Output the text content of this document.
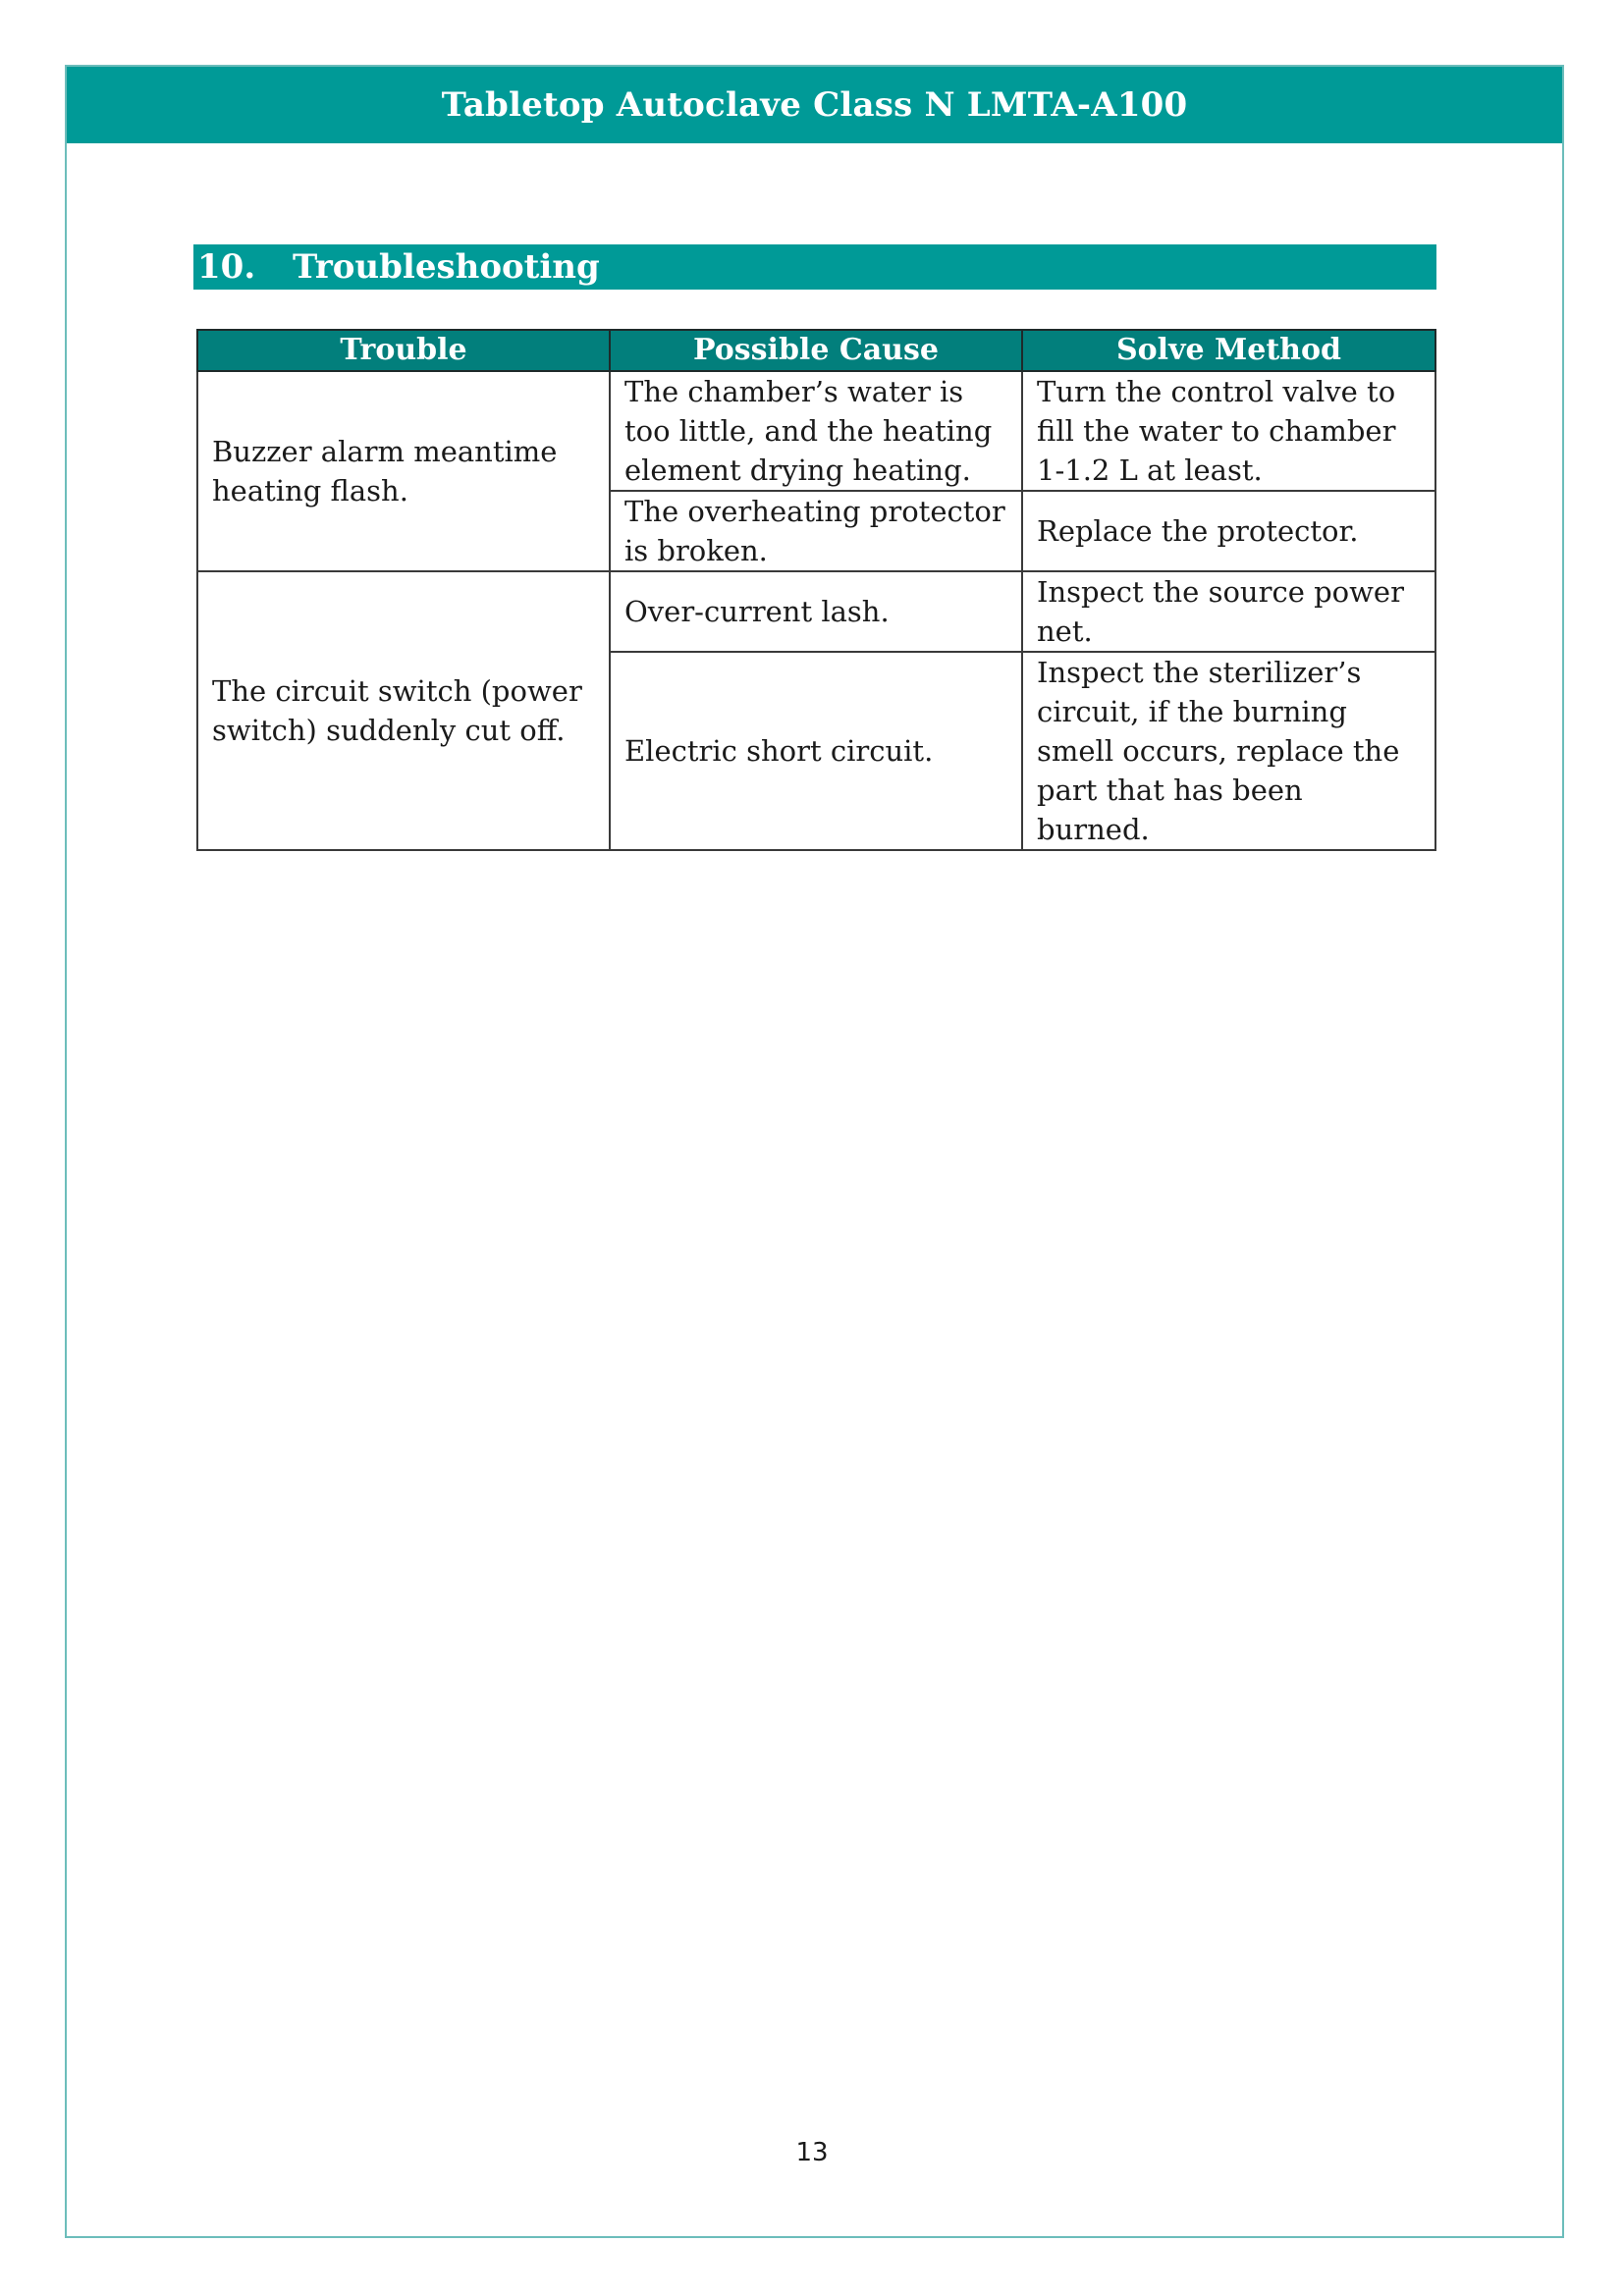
Tabletop Autoclave Class N LMTA-A100
10.	Troubleshooting
Trouble	Possible Cause	Solve Method
Buzzer alarm meantime heating flash.	The chamber’s water is too little, and the heating element drying heating.	Turn the control valve to fill the water to chamber 1-1.2 L at least.
	The overheating protector is broken.	Replace the protector.
The circuit switch (power switch) suddenly cut off.	Over-current lash.	Inspect the source power net.
	Electric short circuit.	Inspect the sterilizer’s circuit, if the burning smell occurs, replace the part that has been burned.
13
